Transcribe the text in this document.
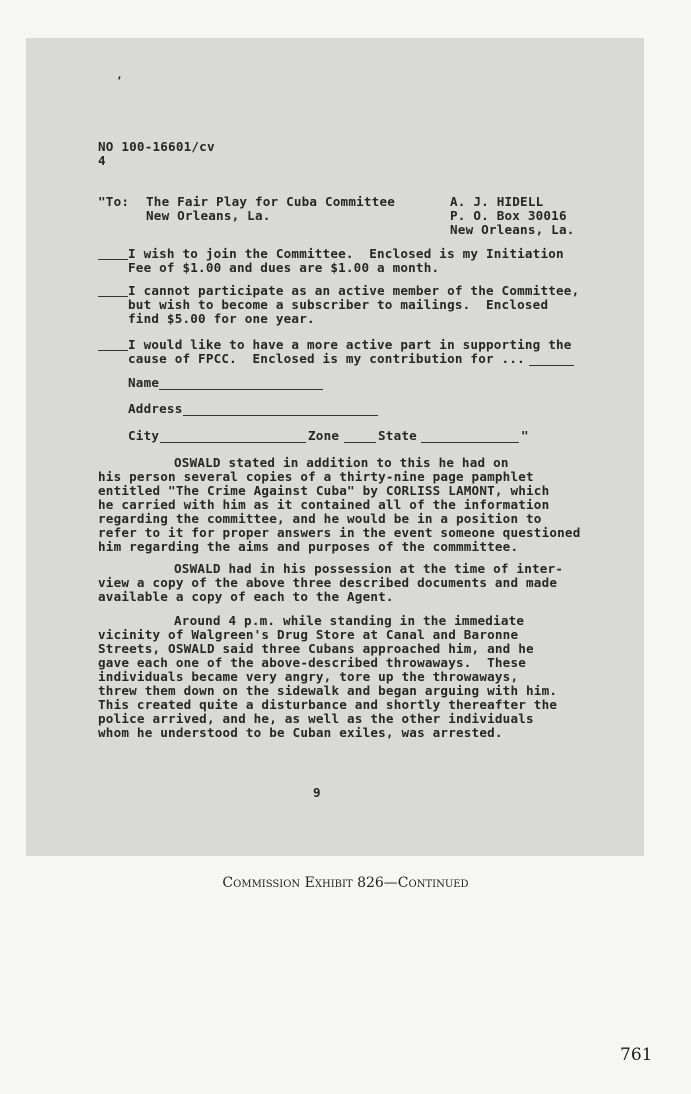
‘
NO 100-16601/cv
4
"To: The Fair Play for Cuba Committee
New Orleans, La.
A. J. HIDELL
P. O. Box 30016
New Orleans, La.
I wish to join the Committee.  Enclosed is my Initiation
Fee of $1.00 and dues are $1.00 a month.
I cannot participate as an active member of the Committee,
but wish to become a subscriber to mailings.  Enclosed
find $5.00 for one year.
I would like to have a more active part in supporting the
cause of FPCC.  Enclosed is my contribution for ...
Name
Address
City	Zone	State	"
OSWALD stated in addition to this he had on
his person several copies of a thirty-nine page pamphlet
entitled "The Crime Against Cuba" by CORLISS LAMONT, which
he carried with him as it contained all of the information
regarding the committee, and he would be in a position to
refer to it for proper answers in the event someone questioned
him regarding the aims and purposes of the commmittee.
OSWALD had in his possession at the time of inter-
view a copy of the above three described documents and made
available a copy of each to the Agent.
Around 4 p.m. while standing in the immediate
vicinity of Walgreen's Drug Store at Canal and Baronne
Streets, OSWALD said three Cubans approached him, and he
gave each one of the above-described throwaways.  These
individuals became very angry, tore up the throwaways,
threw them down on the sidewalk and began arguing with him.
This created quite a disturbance and shortly thereafter the
police arrived, and he, as well as the other individuals
whom he understood to be Cuban exiles, was arrested.
9
Commission Exhibit 826—Continued
761
